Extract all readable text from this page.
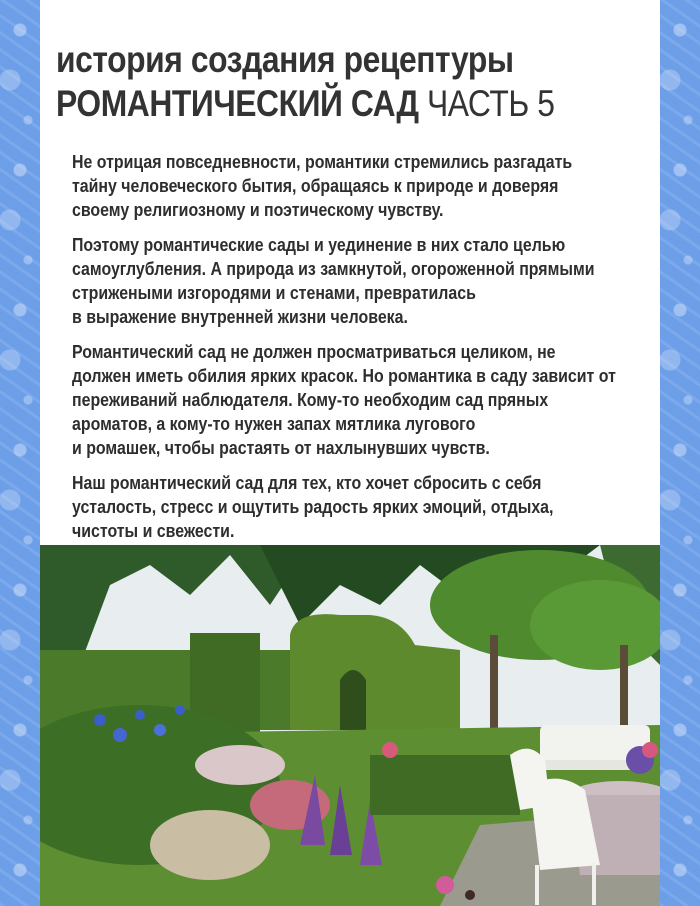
история создания рецептуры
РОМАНТИЧЕСКИЙ САД ЧАСТЬ 5

Не отрицая повседневности, романтики стремились разгадать
тайну человеческого бытия, обращаясь к природе и доверяя
своему религиозному и поэтическому чувству.

Поэтому романтические сады и уединение в них стало целью
самоуглубления. А природа из замкнутой, огороженной прямыми
стрижеными изгородями и стенами, превратилась
в выражение внутренней жизни человека.

Романтический сад не должен просматриваться целиком, не
должен иметь обилия ярких красок. Но романтика в саду зависит от
переживаний наблюдателя. Кому-то необходим сад пряных
ароматов, а кому-то нужен запах мятлика лугового
и ромашек, чтобы растаять от нахлынувших чувств.

Наш романтический сад для тех, кто хочет сбросить с себя
усталость, стресс и ощутить радость ярких эмоций, отдыха,
чистоты и свежести.
